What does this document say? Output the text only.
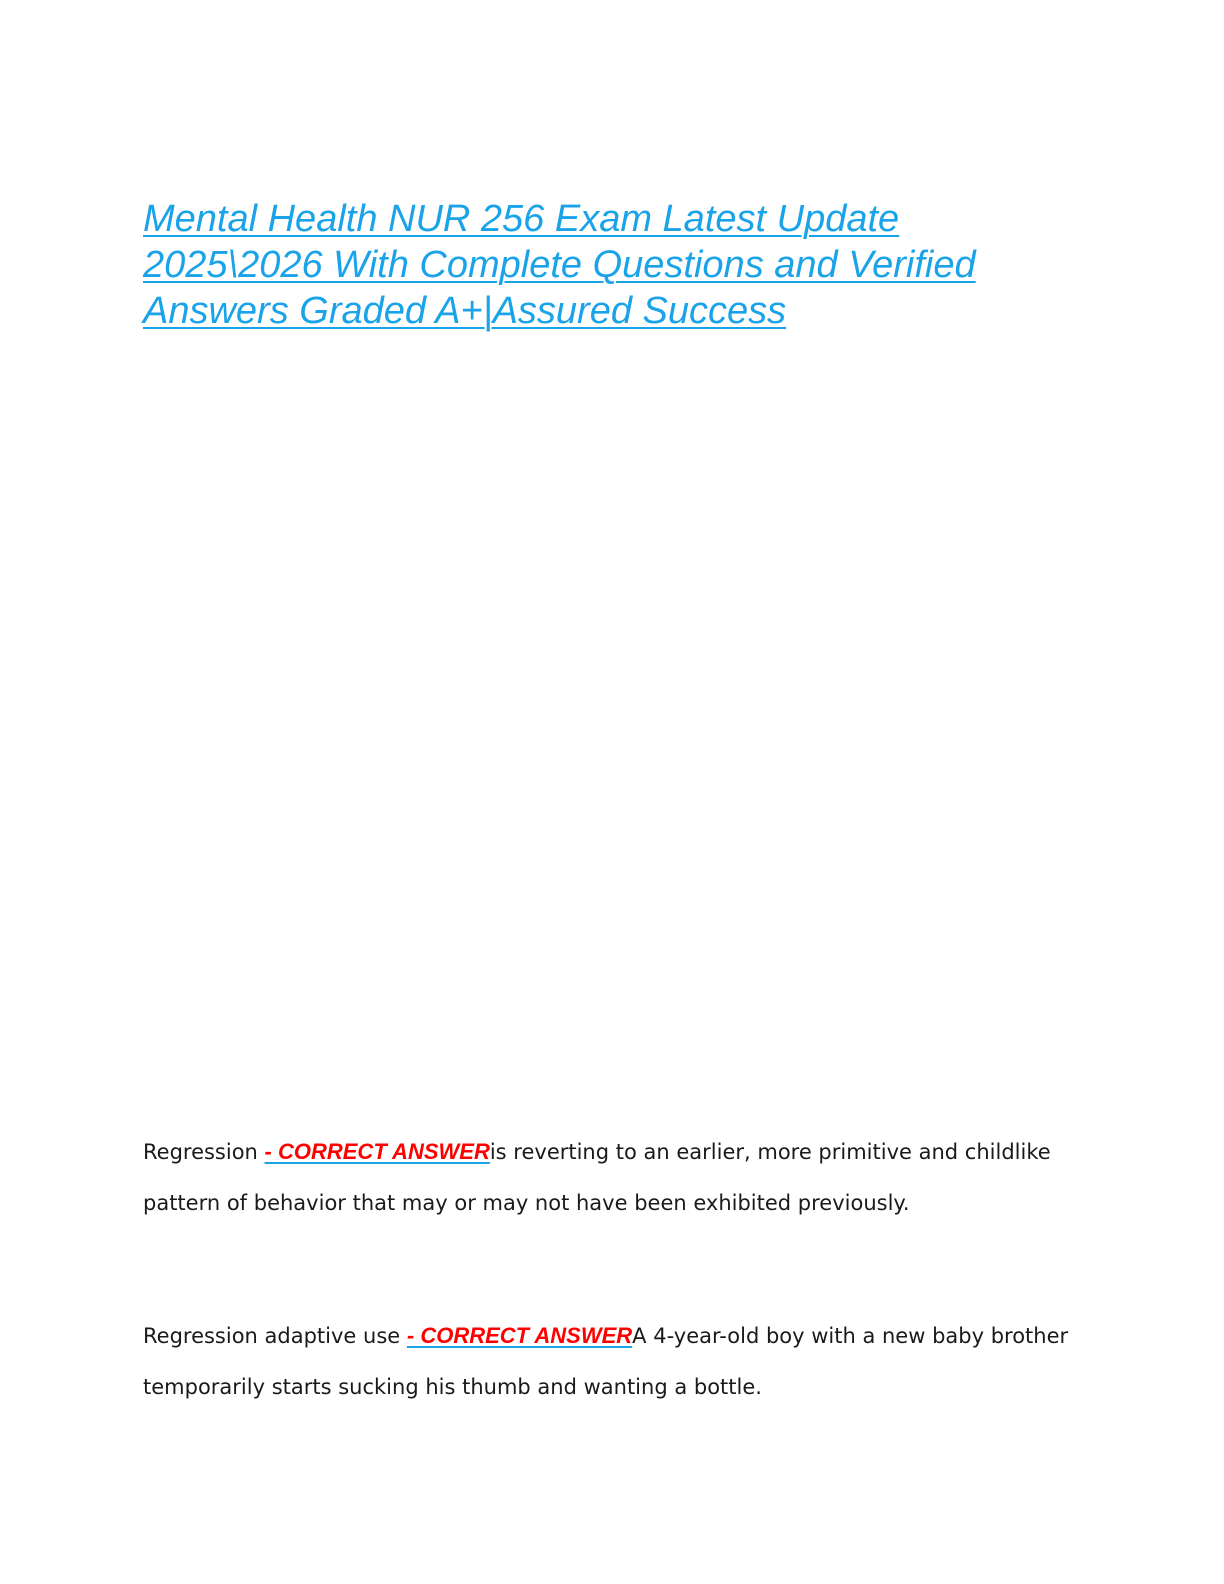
Mental Health NUR 256 Exam Latest Update 2025\2026 With Complete Questions and Verified Answers Graded A+|Assured Success

Regression - CORRECT ANSWERis reverting to an earlier, more primitive and childlike pattern of behavior that may or may not have been exhibited previously.

Regression adaptive use - CORRECT ANSWERA 4-year-old boy with a new baby brother temporarily starts sucking his thumb and wanting a bottle.
